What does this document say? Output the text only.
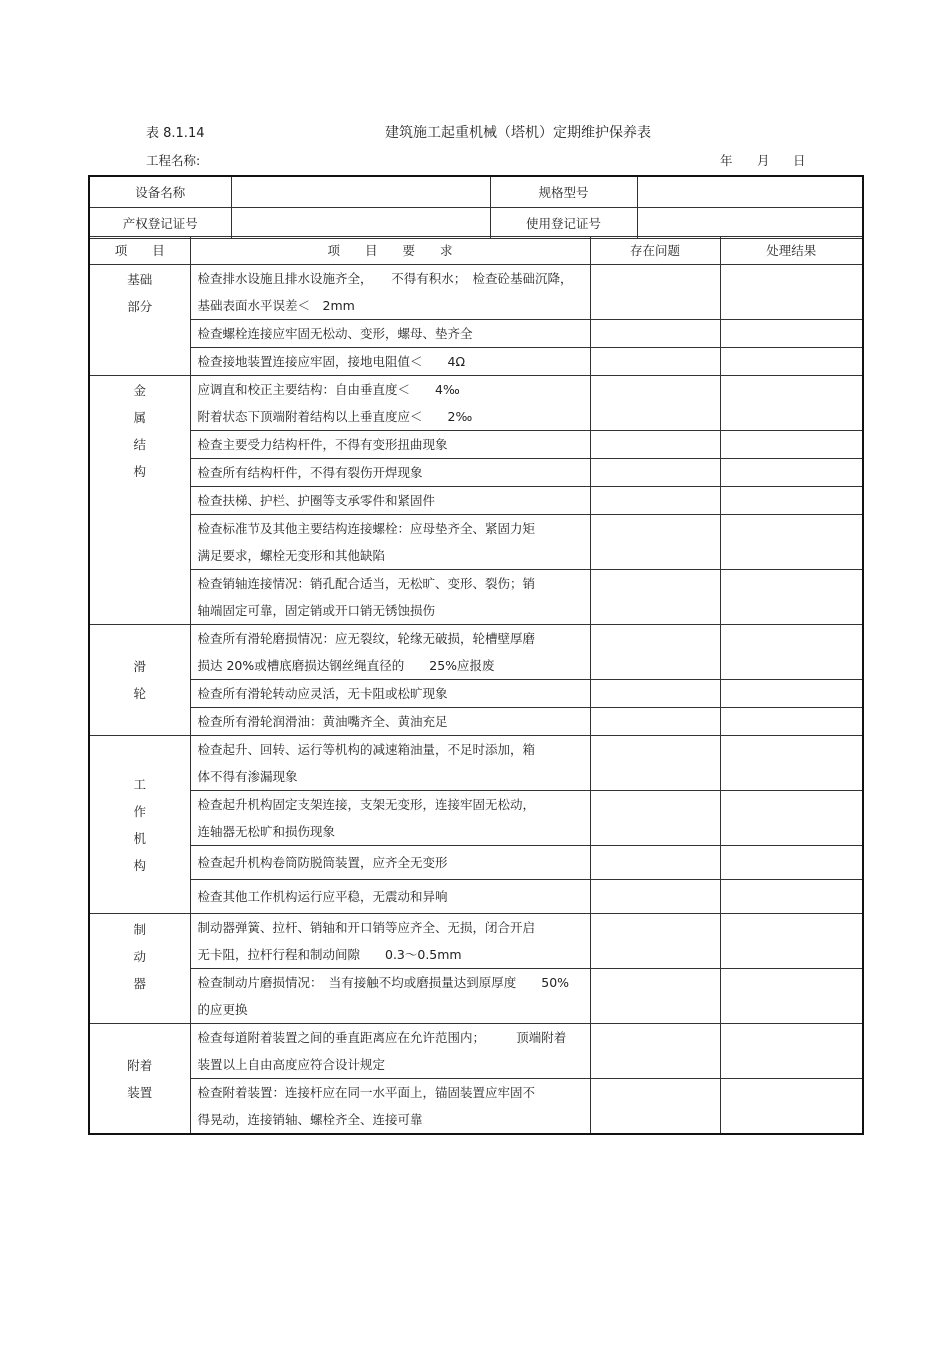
表 8.1.14	建筑施工起重机械（塔机）定期维护保养表
工程名称:	年 月 日
设备名称		规格型号	
产权登记证号		使用登记证号	
项　　目	项　　目　　要　　求	存在问题	处理结果
基础
部分	检查排水设施且排水设施齐全，　　不得有积水；　检查砼基础沉降，
基础表面水平误差＜　2mm		
	检查螺栓连接应牢固无松动、变形，螺母、垫齐全		
	检查接地装置连接应牢固，接地电阻值＜　　4Ω		
金
属
结
构	应调直和校正主要结构：自由垂直度＜　　4‰
附着状态下顶端附着结构以上垂直度应＜　　2‰		
	检查主要受力结构杆件，不得有变形扭曲现象		
	检查所有结构杆件，不得有裂伤开焊现象		
	检查扶梯、护栏、护圈等支承零件和紧固件		
	检查标准节及其他主要结构连接螺栓：应母垫齐全、紧固力矩
满足要求，螺栓无变形和其他缺陷		
	检查销轴连接情况：销孔配合适当，无松旷、变形、裂伤；销
轴端固定可靠，固定销或开口销无锈蚀损伤		
滑
轮	检查所有滑轮磨损情况：应无裂纹，轮缘无破损，轮槽壁厚磨
损达 20%或槽底磨损达钢丝绳直径的　　25%应报废		
	检查所有滑轮转动应灵活，无卡阻或松旷现象		
	检查所有滑轮润滑油：黄油嘴齐全、黄油充足		
工
作
机
构	检查起升、回转、运行等机构的减速箱油量，不足时添加，箱
体不得有渗漏现象		
	检查起升机构固定支架连接，支架无变形，连接牢固无松动，
连轴器无松旷和损伤现象		
	检查起升机构卷筒防脱筒装置，应齐全无变形		
	检查其他工作机构运行应平稳，无震动和异响		
制
动
器	制动器弹簧、拉杆、销轴和开口销等应齐全、无损，闭合开启
无卡阻，拉杆行程和制动间隙　　0.3～0.5mm		
	检查制动片磨损情况：　当有接触不均或磨损量达到原厚度　　50%
的应更换		
附着
装置	检查每道附着装置之间的垂直距离应在允许范围内；　　　顶端附着
装置以上自由高度应符合设计规定		
	检查附着装置：连接杆应在同一水平面上，锚固装置应牢固不
得晃动，连接销轴、螺栓齐全、连接可靠		
